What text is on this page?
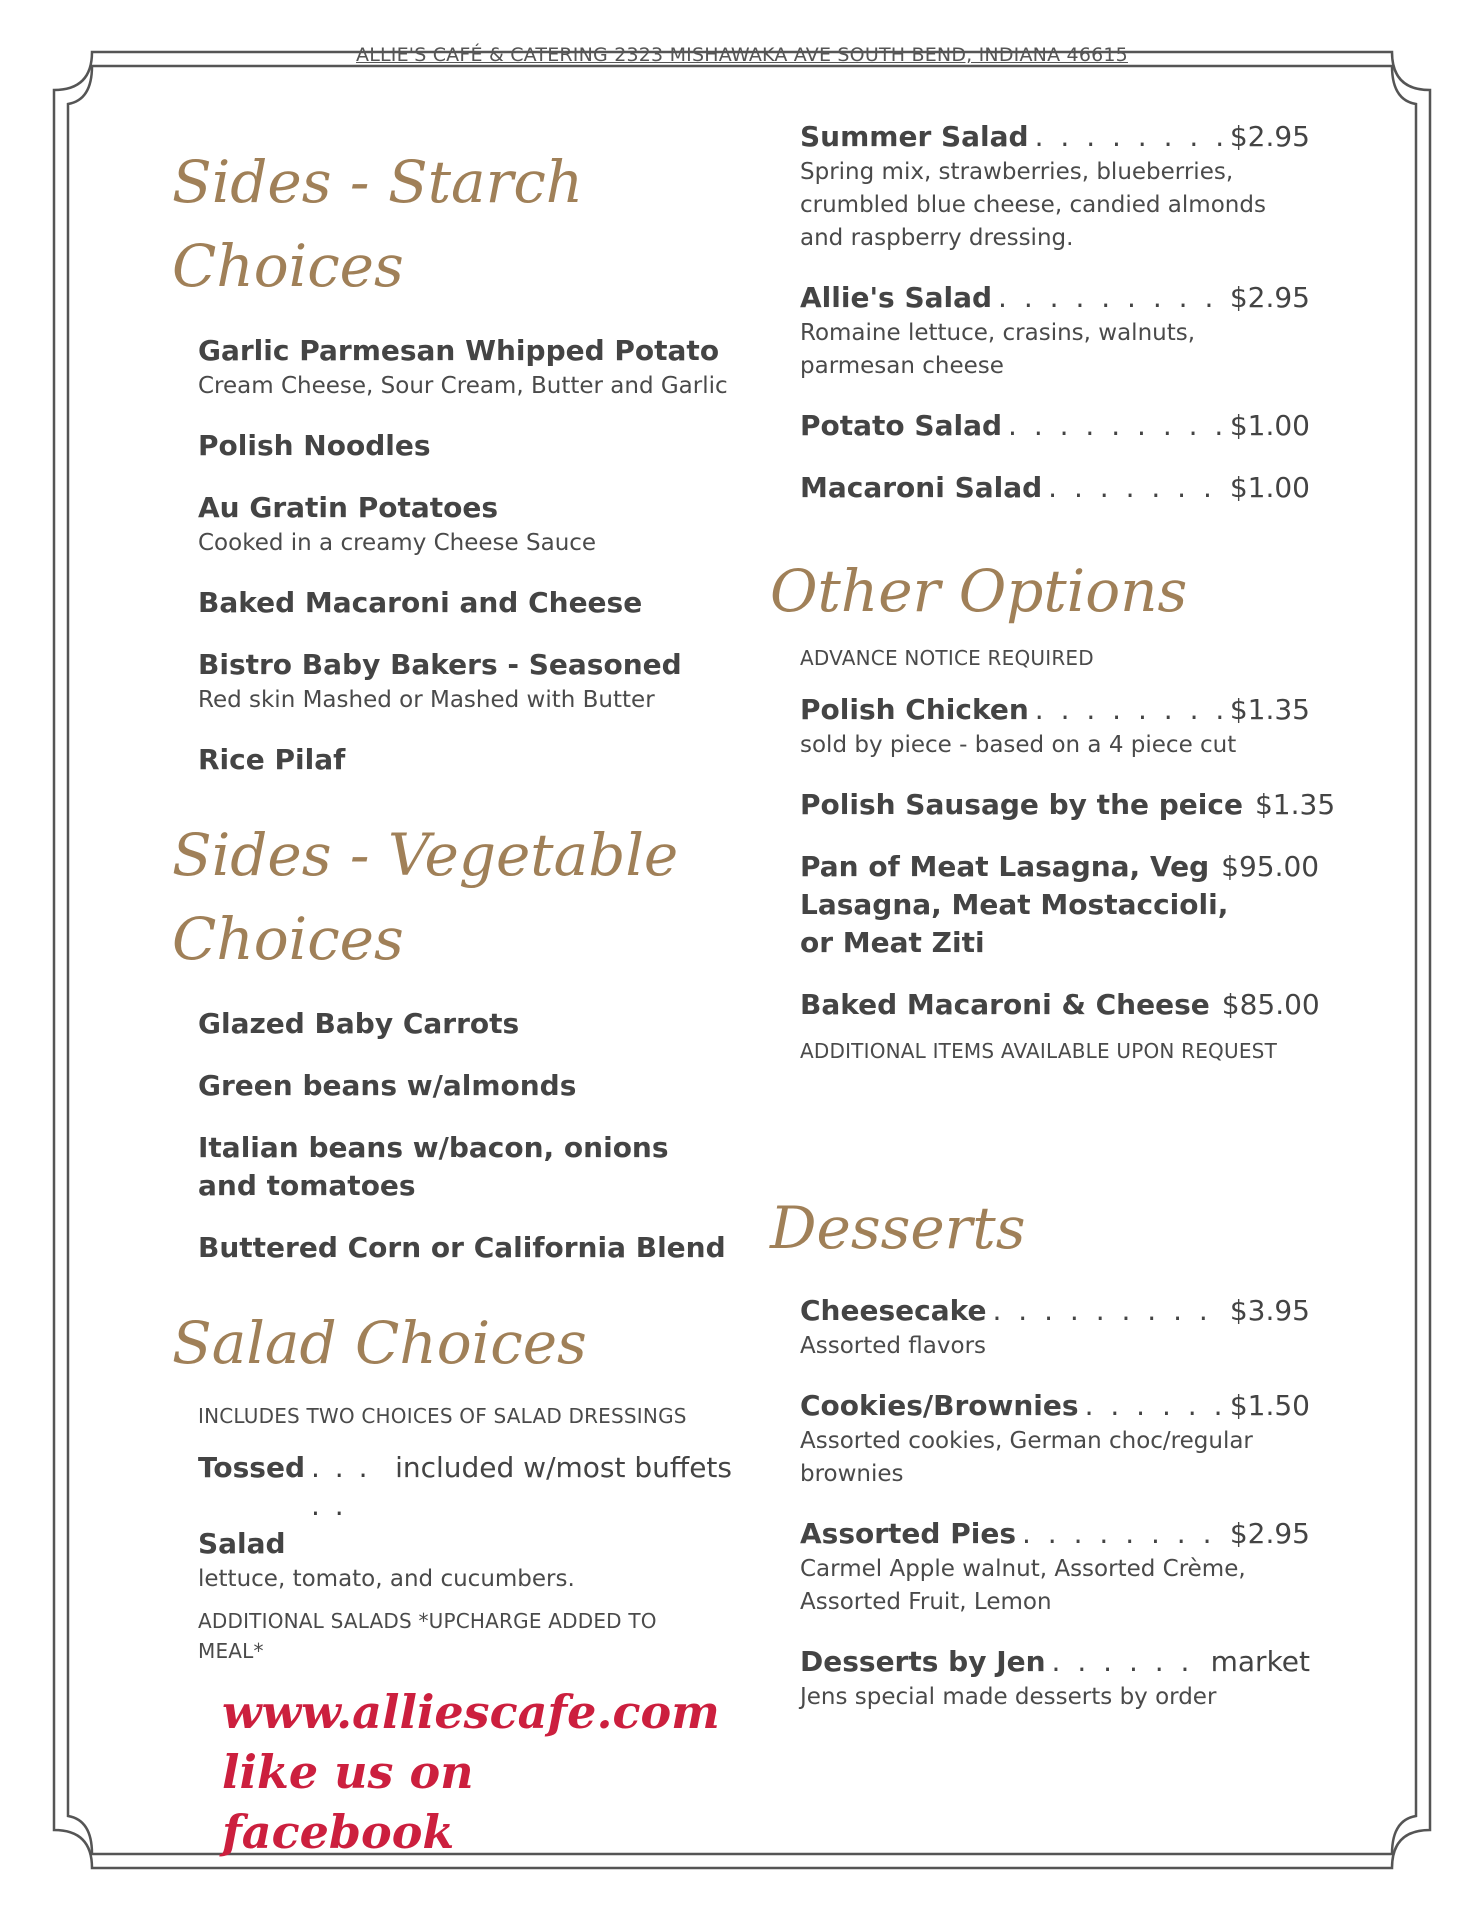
ALLIE'S CAFÉ & CATERING 2323 MISHAWAKA AVE SOUTH BEND, INDIANA 46615
Sides - Starch
Choices
Garlic Parmesan Whipped Potato
Cream Cheese, Sour Cream, Butter and Garlic
Polish Noodles
Au Gratin Potatoes
Cooked in a creamy Cheese Sauce
Baked Macaroni and Cheese
Bistro Baby Bakers - Seasoned
Red skin Mashed or Mashed with Butter
Rice Pilaf
Sides - Vegetable
Choices
Glazed Baby Carrots
Green beans w/almonds
Italian beans w/bacon, onions and tomatoes
Buttered Corn or California Blend
Salad Choices
INCLUDES TWO CHOICES OF SALAD DRESSINGS
Tossed . . . . .
included w/most buffets
Salad
lettuce, tomato, and cucumbers.
ADDITIONAL SALADS *UPCHARGE ADDED TO MEAL*
www.alliescafe.com
like us on facebook
Summer Salad . . .	$2.95
Spring mix, strawberries, blueberries, crumbled blue cheese, candied almonds and raspberry dressing.
Allie's Salad . . .	$2.95
Romaine lettuce, crasins, walnuts, parmesan cheese
Potato Salad . . .	$1.00
Macaroni Salad . . .	$1.00
Other Options
ADVANCE NOTICE REQUIRED
Polish Chicken . . .	$1.35
sold by piece - based on a 4 piece cut
Polish Sausage by the peice $1.35
Pan of Meat Lasagna, Veg $95.00
Lasagna, Meat Mostaccioli, or Meat Ziti
Baked Macaroni & Cheese $85.00
ADDITIONAL ITEMS AVAILABLE UPON REQUEST
Desserts
Cheesecake . . .	$3.95
Assorted flavors
Cookies/Brownies . . .	$1.50
Assorted cookies, German choc/regular brownies
Assorted Pies . . .	$2.95
Carmel Apple walnut, Assorted Crème, Assorted Fruit, Lemon
Desserts by Jen . . .	market
Jens special made desserts by order
